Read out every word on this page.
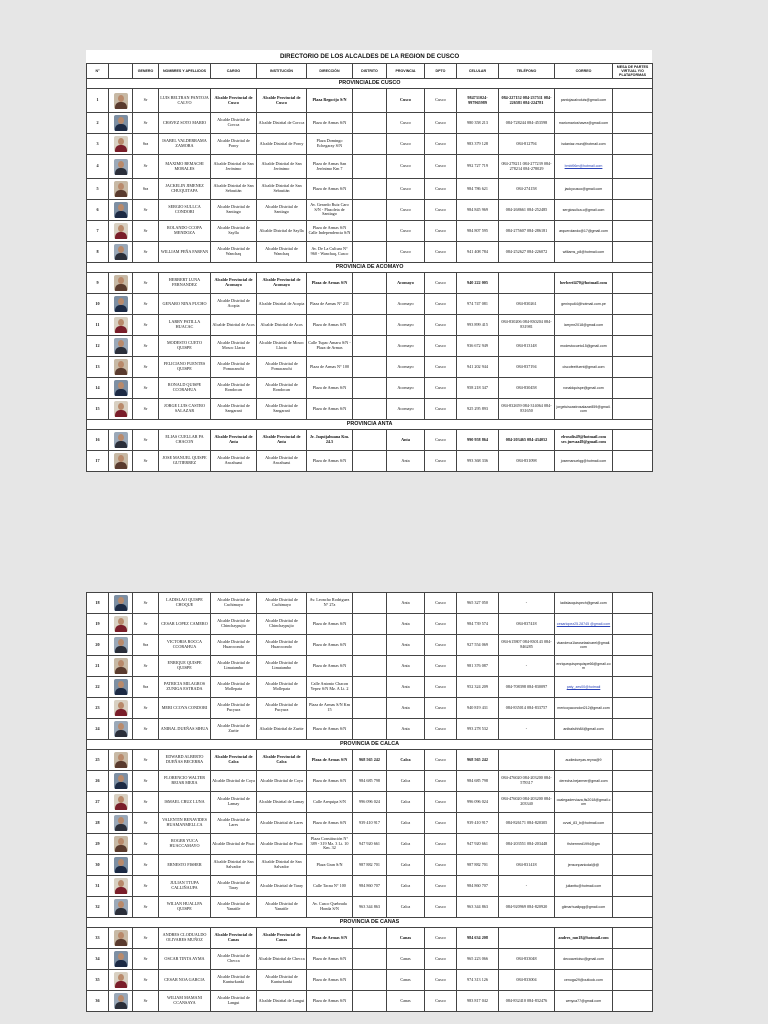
DIRECTORIO DE LOS ALCALDES DE LA REGION DE CUSCO													
N°		GENERO	NOMBRES Y APELLIDOS	CARGO	INSTITUCIÓN	DIRECCIÓN	DISTRITO	PROVINCIA	DPTO	CELULAR	TELÉFONO	CORREO	MESA DE PARTES VIRTUAL Y/O PLATAFORMAS
PROVINCIALDE CUSCO													
1		Sr	LUIS BELTRAN PANTOJA CALVO	Alcalde Provincial de Cusco	Alcalde Provincial de Cusco	Plaza Regocijo S/N		Cusco	Cusco	984731024-997965989	084-227152 084-237511 084-226581 084-224781	pantojacalvoluis@gmail.com	
2		Sr	CHAVEZ SOTO MARIO	Alcalde Distrital de Corcca	Alcalde Distrital de Corcca	Plaza de Armas S/N		Cusco	Cusco	980 358 213	084-728244 084-453598	mariomarioshavez@gmail.com	
3		Sra	ISABEL VALDERRAMA ZAMORA	Alcalde Distrital de Poroy	Alcalde Distrital de Poroy	Plaza Domingo Echegaray S/N		Cusco	Cusco	983 379 128	084-812794	isdaniaz.mun@hotmail.com	
4		Sr	MAXIMO BEMACHI MORALES	Alcalde Distrital de San Jerónimo	Alcalde Distrital de San Jerónimo	Plaza de Armas San Jerónimo Km 7		Cusco	Cusco	992 727 719	084-278211 084-277239 084-278214 084-278029	bmbl96m@hotmail.com	
5		Sra	JACKELIN JIMENEZ CHUQUITAPA	Alcalde Distrital de San Sebastián	Alcalde Distrital de San Sebastián	Plaza de Armas S/N		Cusco	Cusco	984 786 621	084-274158	jackycusco@gmail.com	
6		Sr	SERGIO SULLCA CONDORI	Alcalde Distrital de Santiago	Alcalde Distrital de Santiago	Av. Gerardo Ruiz Caro S/N - Plazoleta de Santiago		Cusco	Cusco	984 845 969	084-268661 084-252485	sergiosullca.c@gmail.com	
7		Sr	ROLANDO CCOPA MENDOZA	Alcalde Distrital de Saylla	Alcalde Distrital de Saylla	Plaza de Armas S/N Calle Independencia S/N		Cusco	Cusco	984 807 595	084-275607 084-286181	arquerolando@17@gmail.com	
8		Sr	WILLIAM PEÑA FARFAN	Alcalde Distrital de Wanchaq	Alcalde Distrital de Wanchaq	Av. De La Cultura N° 960 - Wanchaq, Cusco		Cusco	Cusco	941 408 784	084-252627 084-226072	williams_p8@hotmail.com	
PROVINCIA DE ACOMAYO													
9		Sr	HERBERT LUNA FERNANDEZ	Alcalde Provincial de Acomayo	Alcalde Provincial de Acomayo	Plaza de Armas S/N		Acomayo	Cusco	940 222 005		herbertl470@hotmail.com	
10		Sr	GENARO NINA PUCHO	Alcalde Distrital de Acopia	Alcalde Distrital de Acopia	Plaza de Armas N° 211		Acomayo	Cusco	974 747 081	084-830261	geninpu64@hotmail.com.pe	
11		Sr	LARRY PATILLA HUACAC	Alcalde Distrital de Acos	Alcalde Distrital de Acos	Plaza de Armas S/N		Acomayo	Cusco	993 899 415	084-830206 084-830204 084-831981	larrymr2018@gmail.com	
12		Sr	MODESTO CUETO QUISPE	Alcalde Distrital de Mosoc Llacta	Alcalde Distrital de Mosoc Llacta	Calle Tupac Amaru S/N - Plaza de Armas		Acomayo	Cusco	936 672 949	084-813148	modestocueto15@gmail.com	
13		Sr	FELICIANO FUENTES QUISPE	Alcalde Distrital de Pomacanchi	Alcalde Distrital de Pomacanchi	Plaza de Armas N° 100		Acomayo	Cusco	941 202 944	084-837194	ciscofeelfuent@gmail.com	
14		Sr	RONALD QUISPE CCORAHUA	Alcalde Distrital de Rondocan	Alcalde Distrital de Rondocan	Plaza de Armas S/N		Acomayo	Cusco	958 218 347	084-830458	ronaldquispe@gmail.com	
15		Sr	JORGE LUIS CASTRO SALAZAR	Alcalde Distrital de Sangarará	Alcalde Distrital de Sangarará	Plaza de Armas S/N		Acomayo	Cusco	925 295 893	084-832659 084-314064 084-831650	jorgeluiscastrosalazar859@gmail.com	
PROVINCIA ANTA													
16		Sr	ELIAS CUELLAR PA CHACON	Alcalde Provincial de Anta	Alcalde Provincial de Anta	Jr. Jaquijahuana Km. 24.5		Anta	Cusco	990 958 864	084-203465 084-434052	elrosolis49@hotmail.com sec.juevaa49@gmail.com	
17		Sr	JOSE MANUEL QUISPE GUTIERREZ	Alcalde Distrital de Ancahuasi	Alcalde Distrital de Ancahuasi	Plaza de Armas S/N		Anta	Cusco	993 368 336	084-831098	josemanuelqg@hotmail.com	
18		Sr	LADISLAO QUISPE CHOQUE	Alcalde Distrital de Cachimayo	Alcalde Distrital de Cachimayo	Av. Leoncho Rodriguez N° 27a		Anta	Cusco	965 327 050	-	ladislaoquispech@gmail.com	
19		Sr	CESAR LOPEZ CAMERO	Alcalde Distrital de Chinchaypujio	Alcalde Distrital de Chinchaypujio	Plaza de Armas S/N		Anta	Cusco	984 739 574	084-837418	cesarlopez25.28745 @gmail.com	
20		Sra	VICTORIA ROCCA CCORAHUA	Alcalde Distrital de Huarocondo	Alcalde Distrital de Huarocondo	Plaza de Armas S/N		Anta	Cusco	927 554 069	084-615807 084-830143 084-846285	vkandeva1laroselasivarel@gmail.com	
21		Sr	ENRIQUE QUISPE QUISPE	Alcalde Distrital de Limatambo	Alcalde Distrital de Limatambo	Plaza de Armas S/N		Anta	Cusco	981 376 087	-	enriquequispequispe66@gmail.com	
22		Sra	PATRICIA MILAGROS ZUNIGA ESTRADA	Alcalde Distrital de Mollepata	Alcalde Distrital de Mollepata	Calle Antonio Chacon Yepez S/N Mz. A Lt. 2		Anta	Cusco	952 324 209	084-708398 084-830097	paty_zes00@hotmail	
23		Sr	MERI CCOYA CONDORI	Alcalde Distrital de Pucyura	Alcalde Distrital de Pucyura	Plaza de Armas S/N Km 15		Anta	Cusco	940 819 431	084-835014 084-833757	mericoyacondori212@gmail.com	
24		Sr	ANIBAL DUEÑAS SIHUA	Alcalde Distrital de Zurite	Alcalde Distrital de Zurite	Plaza de Armas S/N		Anta	Cusco	993 278 532	-	anibalsihh84@gmail.com	
PROVINCIA DE CALCA													
25		Sr	EDWARD ALBERTO DUEÑAS BECERRA	Alcalde Provincial de Calca	Alcalde Provincial de Calca	Plaza de Armas S/N	968 565 242	Calca	Cusco	968 565 242		audiedueyas.reyna@9	
26		Sr	FLORENCIO WALTER BEJAR MEJIA	Alcalde Distrital de Coya	Alcalde Distrital de Coya	Plaza de Armas S/N	984 685 798	Calca	Cusco	984 685 798	084-476020 084-203200 084-578317	derecha.bejarmer@gmail.com	
27		Sr	ISMAEL CRUZ LUNA	Alcalde Distrital de Lamay	Alcalde Distrital de Lamay	Calle Arequipa S/N	996 096 024	Calca	Cusco	996 096 024	084-476020 084-203200 084-203340	ocalegaderviaza,fis2018@gmail.com	
28		Sr	VALENTIN BENAVIDES HUAMANMELLCA	Alcalde Distrital de Lares	Alcalde Distrital de Lares	Plaza de Armas S/N	939 410 917	Calca	Cusco	939 410 917	084-826171 084-820305	ovval_83_b@hotmail.com	
29		Sr	ROGER YUCA HUACCAMAYO	Alcalde Distrital de Pisac	Alcalde Distrital de Pisac	Plaza Constitución N° 389 - 319 Mz. 3 Lt. 10 Km. 32	947 920 661	Calca	Cusco	947 920 661	084-203551 084-203448	fishermed1994@gm	
30		Sr	ERNESTO FISHER	Alcalde Distrital de San Salvador	Alcalde Distrital de San Salvador	Plaza Gran S/N	987 882 701	Calca	Cusco	987 882 701	084-831418	jensonpanicdal@@	
31		Sr	JULIAN TTUPA CALLIÑAUPA	Alcalde Distrital de Taray	Alcalde Distrital de Taray	Calle Tacna N° 100	984 860 707	Calca	Cusco	984 860 707	-	julianttu@hotmail.com	
32		Sr	WILIAN HUALLPA QUISPE	Alcalde Distrital de Yanatile	Alcalde Distrital de Yanatile	Av. Cusco Quebrada Honda S/N	963 344 863	Calca	Cusco	963 344 863	084-920969 084-820920	gilmarhuallpqg@gmail.com	
PROVINCIA DE CANAS													
33		Sr	ANDRES CLODUALDO OLIVARES MUÑOZ	Alcalde Provincial de Canas	Alcalde Provincial de Canas	Plaza de Armas S/N		Canas	Cusco	984 634 208		andres_mn18@hotmail.com	
34		Sr	OSCAR TINTA AYMA	Alcalde Distrital de Checca	Alcalde Distrital de Checca	Plaza de Armas S/N		Canas	Cusco	965 223 066	084-833048	decoaveloisc@gmail.com	
35		Sr	CESAR NOA GARCIA	Alcalde Distrital de Kunturkanki	Alcalde Distrital de Kunturkanki	Plaza de Armas S/N		Canas	Cusco	974 313 126	084-833004	cenoga29@outlook.com	
36		Sr	WILIAM MAMANI CCANSAYA	Alcalde Distrital de Langui	Alcalde Distrital de Langui	Plaza de Armas S/N		Canas	Cusco	983 817 042	084-832410 084-832476	wmyca77@gmail.com	
